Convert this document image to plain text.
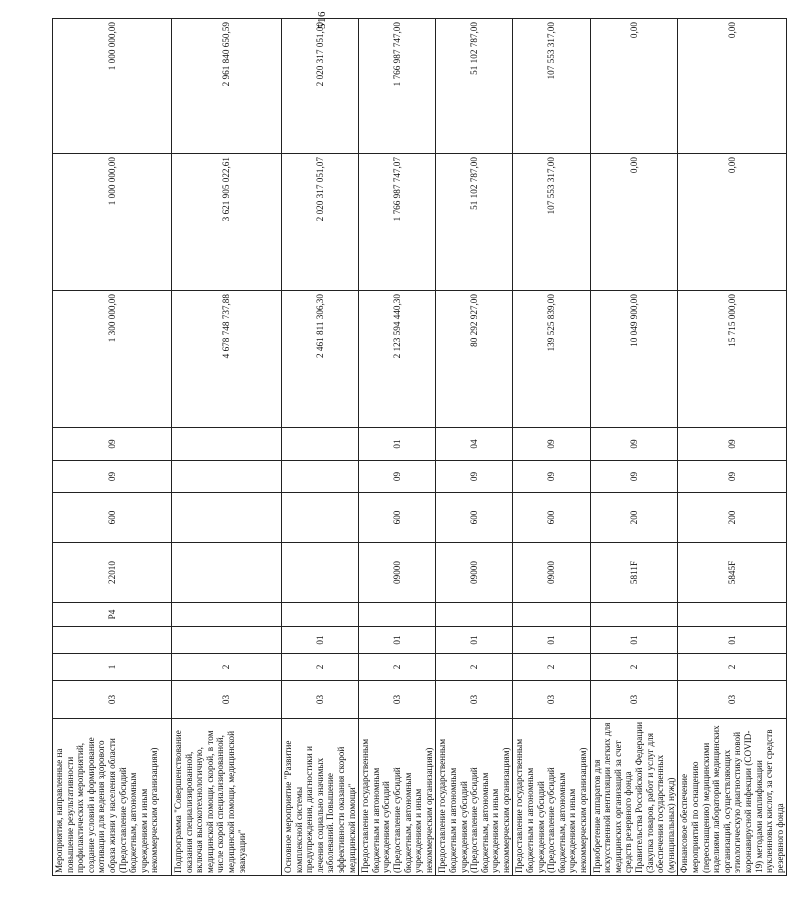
516
Мероприятия, направленные на повышение результативности профилактических мероприятий, создание условий и формирование мотивации для ведения здорового образа жизни у населения области (Предоставление субсидий бюджетным, автономным учреждениям и иным некоммерческим организациям)	03	1		Р4	22010	600	09	09	1 300 000,00	1 000 000,00	1 000 000,00
Подпрограмма "Совершенствование оказания специализированной, включая высокотехнологичную, медицинской помощи, скорой, в том числе скорой специализированной, медицинской помощи, медицинской эвакуации"	03	2							4 678 748 737,88	3 621 905 022,61	2 961 840 650,59
Основное мероприятие "Развитие комплексной системы предупреждения, диагностики и лечения социально значимых заболеваний. Повышение эффективности оказания скорой медицинской помощи"	03	2	01						2 461 811 306,30	2 020 317 051,07	2 020 317 051,00
Предоставление государственным бюджетным и автономным учреждениям субсидий (Предоставление субсидий бюджетным, автономным учреждениям и иным некоммерческим организациям)	03	2	01		09000	600	09	01	2 123 594 440,30	1 766 987 747,07	1 766 987 747,00
Предоставление государственным бюджетным и автономным учреждениям субсидий (Предоставление субсидий бюджетным, автономным учреждениям и иным некоммерческим организациям)	03	2	01		09000	600	09	04	80 292 927,00	51 102 787,00	51 102 787,00
Предоставление государственным бюджетным и автономным учреждениям субсидий (Предоставление субсидий бюджетным, автономным учреждениям и иным некоммерческим организациям)	03	2	01		09000	600	09	09	139 525 839,00	107 553 317,00	107 553 317,00
Приобретение аппаратов для искусственной вентиляции легких для медицинских организаций за счет средств резервного фонда Правительства Российской Федерации (Закупка товаров, работ и услуг для обеспечения государственных (муниципальных) нужд)	03	2	01		5811F	200	09	09	10 049 900,00	0,00	0,00
Финансовое обеспечение мероприятий по оснащению (переоснащению) медицинскими изделиями лабораторий медицинских организаций, осуществляющих этиологическую диагностику новой коронавирусной инфекции (COVID-19) методами амплификации нуклеиновых кислот, за счет средств резервного фонда	03	2	01		5845F	200	09	09	15 715 000,00	0,00	0,00
